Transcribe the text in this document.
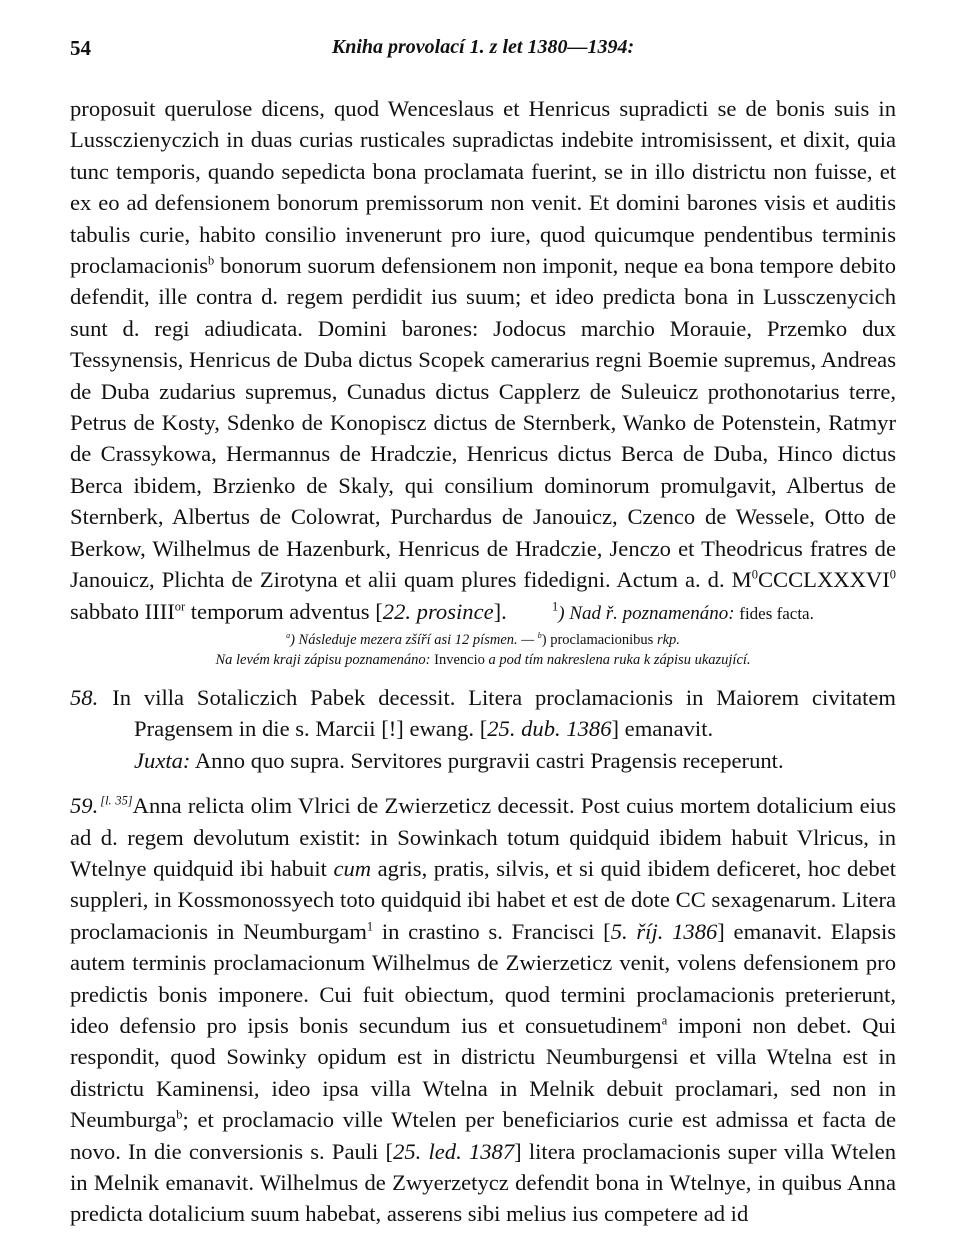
54	Kniha provolací 1. z let 1380—1394:

proposuit querulose dicens, quod Wenceslaus et Henricus supradicti se de bonis suis in Lussczienyczich in duas curias rusticales supradictas indebite intromisissent, et dixit, quia tunc temporis, quando sepedicta bona proclamata fuerint, se in illo districtu non fuisse, et ex eo ad defensionem bonorum premissorum non venit. Et domini barones visis et auditis tabulis curie, habito consilio invenerunt pro iure, quod quicumque pendentibus terminis proclamacionis$^b$ bonorum suorum defensionem non imponit, neque ea bona tempore debito defendit, ille contra d. regem perdidit ius suum; et ideo predicta bona in Lussczenycich sunt d. regi adiudicata. Domini barones: Jodocus marchio Morauie, Przemko dux Tessynensis, Henricus de Duba dictus Scopek camerarius regni Boemie supremus, Andreas de Duba zudarius supremus, Cunadus dictus Capplerz de Suleuicz prothonotarius terre, Petrus de Kosty, Sdenko de Konopiscz dictus de Sternberk, Wanko de Potenstein, Ratmyr de Crassykowa, Hermannus de Hradczie, Henricus dictus Berca de Duba, Hinco dictus Berca ibidem, Brzienko de Skaly, qui consilium dominorum promulgavit, Albertus de Sternberk, Albertus de Colowrat, Purchardus de Janouicz, Czenco de Wessele, Otto de Berkow, Wilhelmus de Hazenburk, Henricus de Hradczie, Jenczo et Theodricus fratres de Janouicz, Plichta de Zirotyna et alii quam plures fidedigni. Actum a. d. $M^0CCCLXXXVI^0$ sabbato $IIII^{or}$ temporum adventus [22. prosince].	$^1$) Nad ř. poznamenáno: fides facta.

$^a$) Následuje mezera zšíří asi 12 písmen. — $^b$) proclamacionibus rkp.
Na levém kraji zápisu poznamenáno: Invencio a pod tím nakreslena ruka k zápisu ukazující.
58. In villa Sotaliczich Pabek decessit. Litera proclamacionis in Maiorem civitatem Pragensem in die s. Marcii [!] ewang. [25. dub. 1386] emanavit.
Juxta: Anno quo supra. Servitores purgravii castri Pragensis receperunt.
59. [l. 35]Anna relicta olim Vlrici de Zwierzeticz decessit. Post cuius mortem dotalicium eius ad d. regem devolutum existit: in Sowinkach totum quidquid ibidem habuit Vlricus, in Wtelnye quidquid ibi habuit cum agris, pratis, silvis, et si quid ibidem deficeret, hoc debet suppleri, in Kossmonossyech toto quidquid ibi habet et est de dote CC sexagenarum. Litera proclamacionis in Neumburgam$^1$ in crastino s. Francisci [5. říj. 1386] emanavit. Elapsis autem terminis proclamacionum Wilhelmus de Zwierzeticz venit, volens defensionem pro predictis bonis imponere. Cui fuit obiectum, quod termini proclamacionis preterierunt, ideo defensio pro ipsis bonis secundum ius et consuetudinem$^a$ imponi non debet. Qui respondit, quod Sowinky opidum est in districtu Neumburgensi et villa Wtelna est in districtu Kaminensi, ideo ipsa villa Wtelna in Melnik debuit proclamari, sed non in Neumburga$^b$; et proclamacio ville Wtelen per beneficiarios curie est admissa et facta de novo. In die conversionis s. Pauli [25. led. 1387] litera proclamacionis super villa Wtelen in Melnik emanavit. Wilhelmus de Zwyerzetycz defendit bona in Wtelnye, in quibus Anna predicta dotalicium suum habebat, asserens sibi melius ius competere ad id
